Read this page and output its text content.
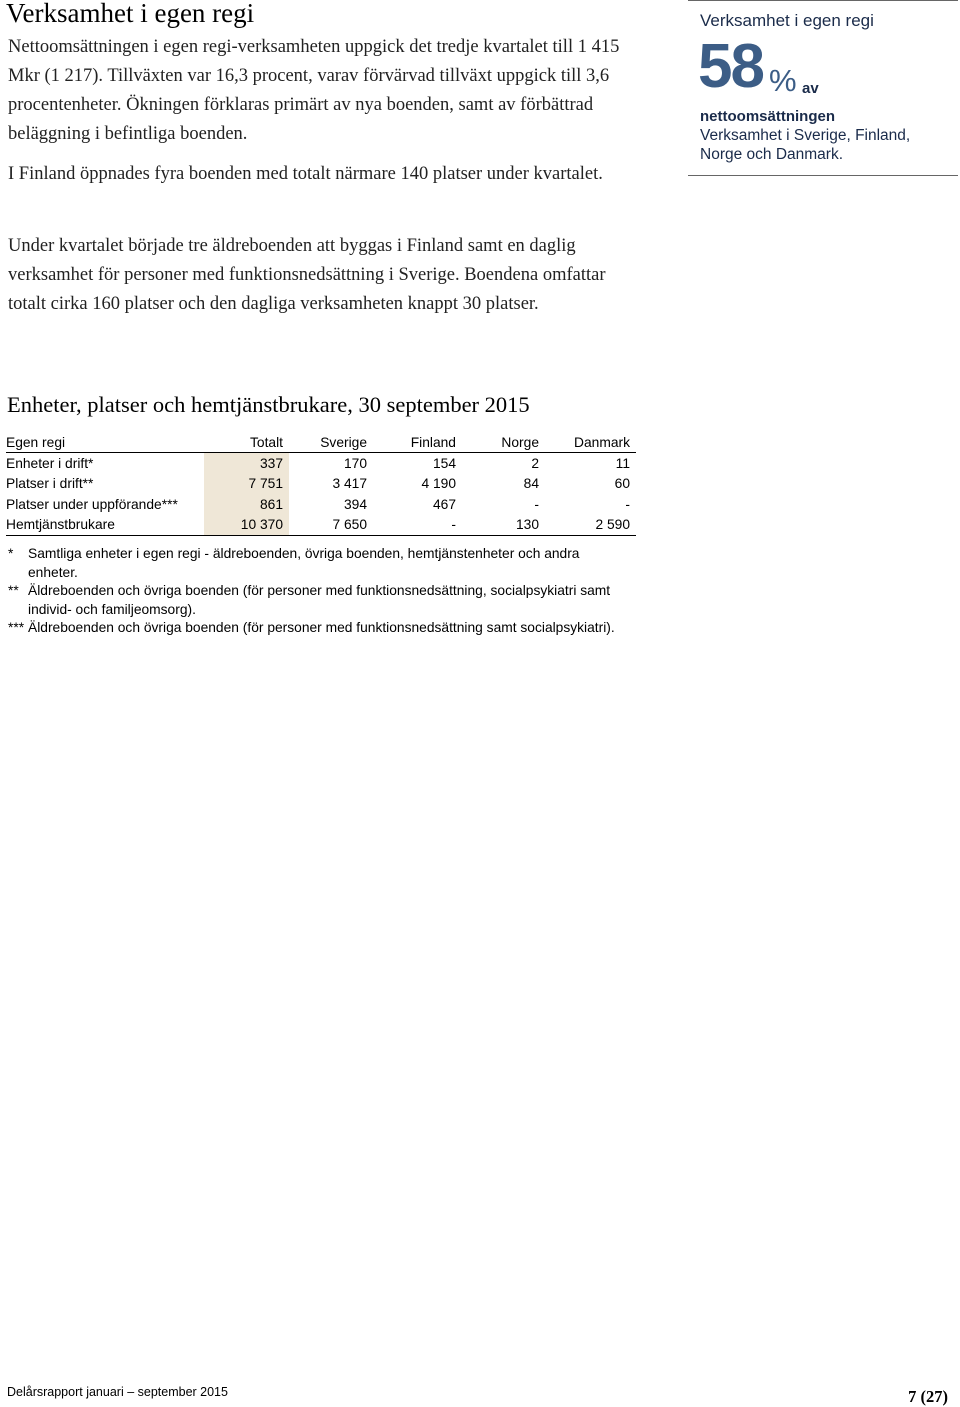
Verksamhet i egen regi

Nettoomsättningen i egen regi-verksamheten uppgick det tredje kvartalet till 1 415 Mkr (1 217). Tillväxten var 16,3 procent, varav förvärvad tillväxt uppgick till 3,6 procentenheter. Ökningen förklaras primärt av nya boenden, samt av förbättrad beläggning i befintliga boenden.

I Finland öppnades fyra boenden med totalt närmare 140 platser under kvartalet.

Under kvartalet började tre äldreboenden att byggas i Finland samt en daglig verksamhet för personer med funktionsnedsättning i Sverige. Boendena omfattar totalt cirka 160 platser och den dagliga verksamheten knappt 30 platser.

Verksamhet i egen regi
58 % av
nettoomsättningen
Verksamhet i Sverige, Finland, Norge och Danmark.
Enheter, platser och hemtjänstbrukare, 30 september 2015
Egen regi	Totalt	Sverige	Finland	Norge	Danmark
Enheter i drift*	337	170	154	2	11
Platser i drift**	7 751	3 417	4 190	84	60
Platser under uppförande***	861	394	467	-	-
Hemtjänstbrukare	10 370	7 650	-	130	2 590

* Samtliga enheter i egen regi - äldreboenden, övriga boenden, hemtjänstenheter och andra enheter.

** Äldreboenden och övriga boenden (för personer med funktionsnedsättning, socialpsykiatri samt individ- och familjeomsorg).

*** Äldreboenden och övriga boenden (för personer med funktionsnedsättning samt socialpsykiatri).

Delårsrapport januari – september 2015	7 (27)
